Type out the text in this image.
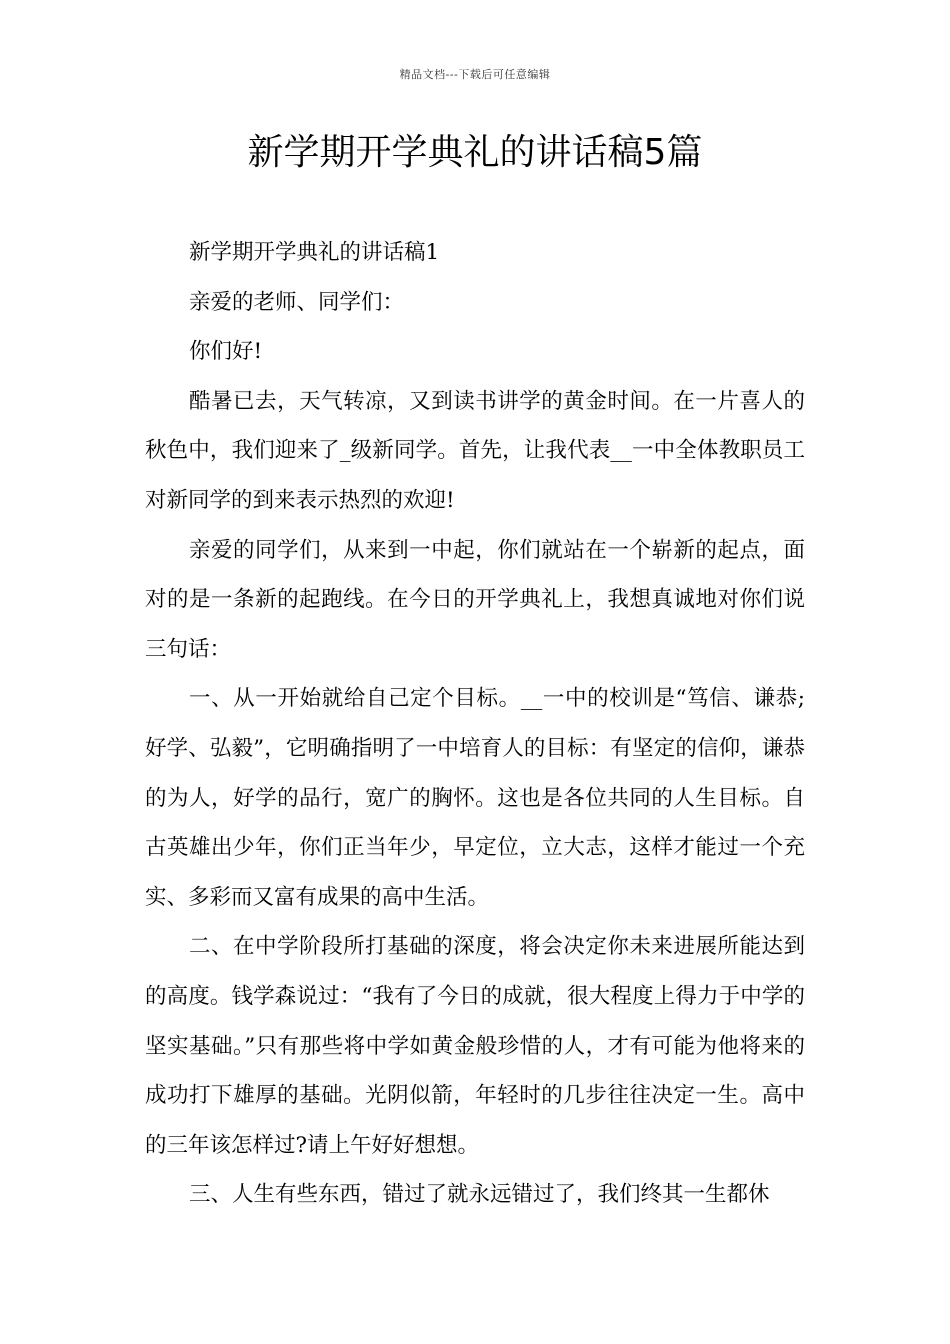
精品文档---下载后可任意编辑
新学期开学典礼的讲话稿5篇

新学期开学典礼的讲话稿1

亲爱的老师、同学们：

你们好!

酷暑已去，天气转凉，又到读书讲学的黄金时间。在一片喜人的秋色中，我们迎来了_级新同学。首先，让我代表__一中全体教职员工对新同学的到来表示热烈的欢迎!

亲爱的同学们，从来到一中起，你们就站在一个崭新的起点，面对的是一条新的起跑线。在今日的开学典礼上，我想真诚地对你们说三句话：

一、从一开始就给自己定个目标。__一中的校训是“笃信、谦恭;好学、弘毅”，它明确指明了一中培育人的目标：有坚定的信仰，谦恭的为人，好学的品行，宽广的胸怀。这也是各位共同的人生目标。自古英雄出少年，你们正当年少，早定位，立大志，这样才能过一个充实、多彩而又富有成果的高中生活。

二、在中学阶段所打基础的深度，将会决定你未来进展所能达到的高度。钱学森说过：“我有了今日的成就，很大程度上得力于中学的坚实基础。”只有那些将中学如黄金般珍惜的人，才有可能为他将来的成功打下雄厚的基础。光阴似箭，年轻时的几步往往决定一生。高中的三年该怎样过?请上午好好想想。

三、人生有些东西，错过了就永远错过了，我们终其一生都休
